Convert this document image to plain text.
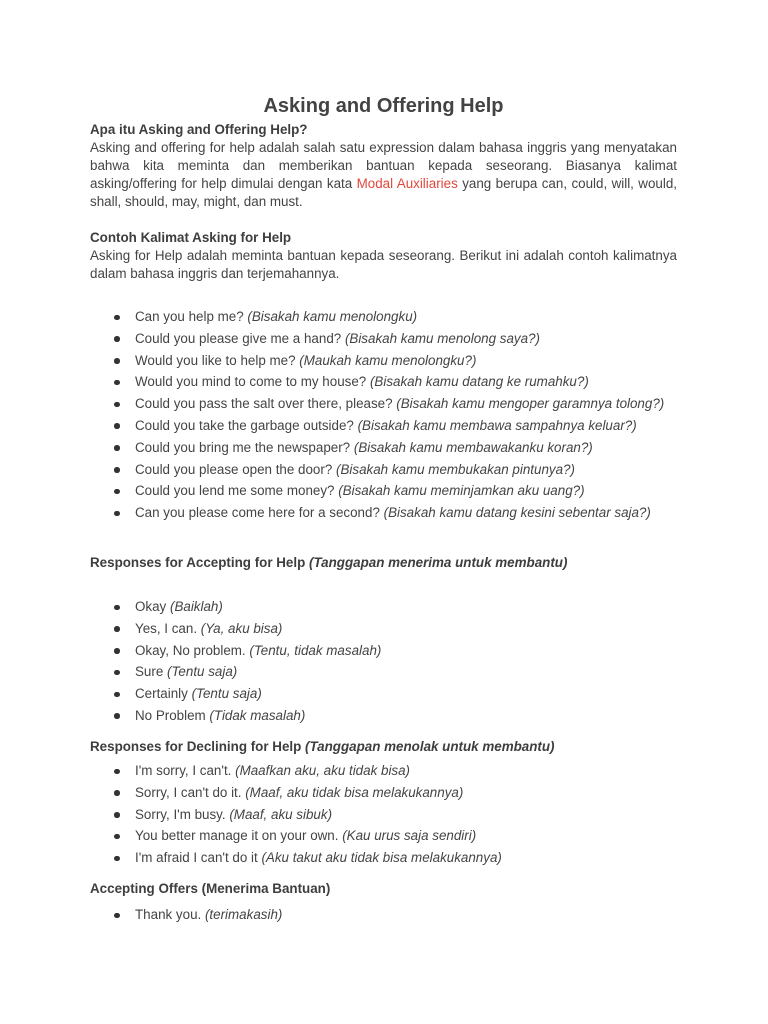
Asking and Offering Help

Apa itu Asking and Offering Help?

Asking and offering for help adalah salah satu expression dalam bahasa inggris yang menyatakan bahwa kita meminta dan memberikan bantuan kepada seseorang. Biasanya kalimat asking/offering for help dimulai dengan kata Modal Auxiliaries yang berupa can, could, will, would, shall, should, may, might, dan must.

Contoh Kalimat Asking for Help

Asking for Help adalah meminta bantuan kepada seseorang. Berikut ini adalah contoh kalimatnya dalam bahasa inggris dan terjemahannya.

Can you help me? (Bisakah kamu menolongku)
Could you please give me a hand? (Bisakah kamu menolong saya?)
Would you like to help me? (Maukah kamu menolongku?)
Would you mind to come to my house? (Bisakah kamu datang ke rumahku?)
Could you pass the salt over there, please? (Bisakah kamu mengoper garamnya tolong?)
Could you take the garbage outside? (Bisakah kamu membawa sampahnya keluar?)
Could you bring me the newspaper? (Bisakah kamu membawakanku koran?)
Could you please open the door? (Bisakah kamu membukakan pintunya?)
Could you lend me some money? (Bisakah kamu meminjamkan aku uang?)
Can you please come here for a second? (Bisakah kamu datang kesini sebentar saja?)

Responses for Accepting for Help (Tanggapan menerima untuk membantu)

Okay (Baiklah)
Yes, I can. (Ya, aku bisa)
Okay, No problem. (Tentu, tidak masalah)
Sure (Tentu saja)
Certainly (Tentu saja)
No Problem (Tidak masalah)

Responses for Declining for Help (Tanggapan menolak untuk membantu)

I'm sorry, I can't. (Maafkan aku, aku tidak bisa)
Sorry, I can't do it. (Maaf, aku tidak bisa melakukannya)
Sorry, I'm busy. (Maaf, aku sibuk)
You better manage it on your own. (Kau urus saja sendiri)
I'm afraid I can't do it (Aku takut aku tidak bisa melakukannya)

Accepting Offers (Menerima Bantuan)

Thank you. (terimakasih)
